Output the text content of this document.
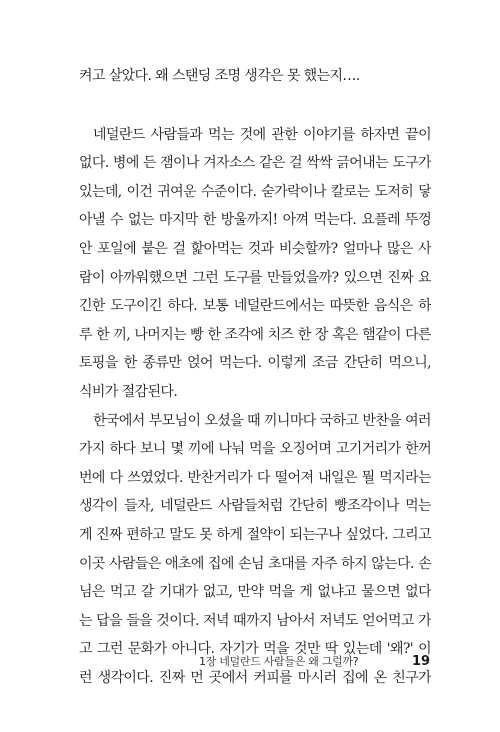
켜고 살았다. 왜 스탠딩 조명 생각은 못 했는지….
네덜란드 사람들과 먹는 것에 관한 이야기를 하자면 끝이
없다. 병에 든 잼이나 겨자소스 같은 걸 싹싹 긁어내는 도구가
있는데, 이건 귀여운 수준이다. 숟가락이나 칼로는 도저히 닿
아낼 수 없는 마지막 한 방울까지! 아껴 먹는다. 요플레 뚜껑
안 포일에 붙은 걸 핥아먹는 것과 비슷할까? 얼마나 많은 사
람이 아까워했으면 그런 도구를 만들었을까? 있으면 진짜 요
긴한 도구이긴 하다. 보통 네덜란드에서는 따뜻한 음식은 하
루 한 끼, 나머지는 빵 한 조각에 치즈 한 장 혹은 햄같이 다른
토핑을 한 종류만 얹어 먹는다. 이렇게 조금 간단히 먹으니,
식비가 절감된다.
한국에서 부모님이 오셨을 때 끼니마다 국하고 반찬을 여러
가지 하다 보니 몇 끼에 나눠 먹을 오징어며 고기거리가 한꺼
번에 다 쓰였었다. 반찬거리가 다 떨어져 내일은 뭘 먹지라는
생각이 들자, 네덜란드 사람들처럼 간단히 빵조각이나 먹는
게 진짜 편하고 말도 못 하게 절약이 되는구나 싶었다. 그리고
이곳 사람들은 애초에 집에 손님 초대를 자주 하지 않는다. 손
님은 먹고 갈 기대가 없고, 만약 먹을 게 없냐고 물으면 없다
는 답을 들을 것이다. 저녁 때까지 남아서 저녁도 얻어먹고 가
고 그런 문화가 아니다. 자기가 먹을 것만 딱 있는데 '왜?' 이
런 생각이다. 진짜 먼 곳에서 커피를 마시러 집에 온 친구가
1장 네덜란드 사람들은 왜 그럴까?	19
